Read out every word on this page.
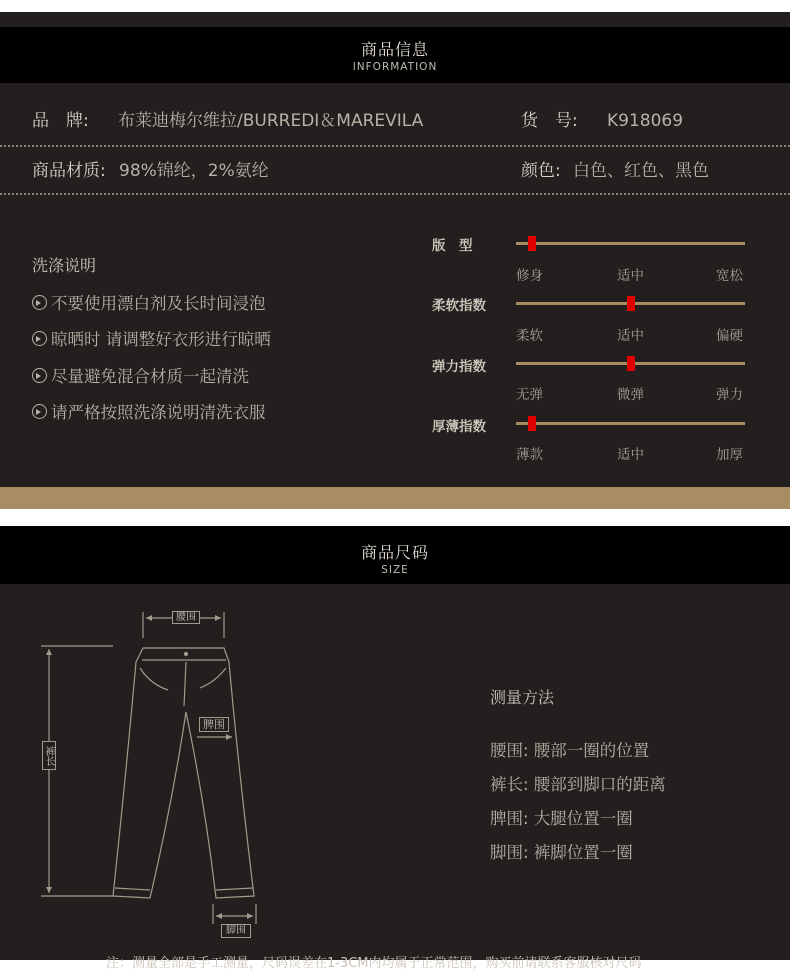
商品信息
INFORMATION
品　牌: 布莱迪梅尔维拉/BURREDI＆MAREVILA	货　号: K918069
商品材质: 98%锦纶，2%氨纶	颜色: 白色、红色、黑色
洗涤说明
不要使用漂白剂及长时间浸泡
晾晒时 请调整好衣形进行晾晒
尽量避免混合材质一起清洗
请严格按照洗涤说明清洗衣服
版　型
修身	适中	宽松
柔软指数
柔软	适中	偏硬
弹力指数
无弹	微弹	弹力
厚薄指数
薄款	适中	加厚
商品尺码
SIZE
腰围
脾围
裤长
脚围
测量方法
腰围: 腰部一圈的位置
裤长: 腰部到脚口的距离
脾围: 大腿位置一圈
脚围: 裤脚位置一圈
注：测量全部是手工测量，尺码误差在1-3CM内均属于正常范围，购买前请联系客服核对尺码
